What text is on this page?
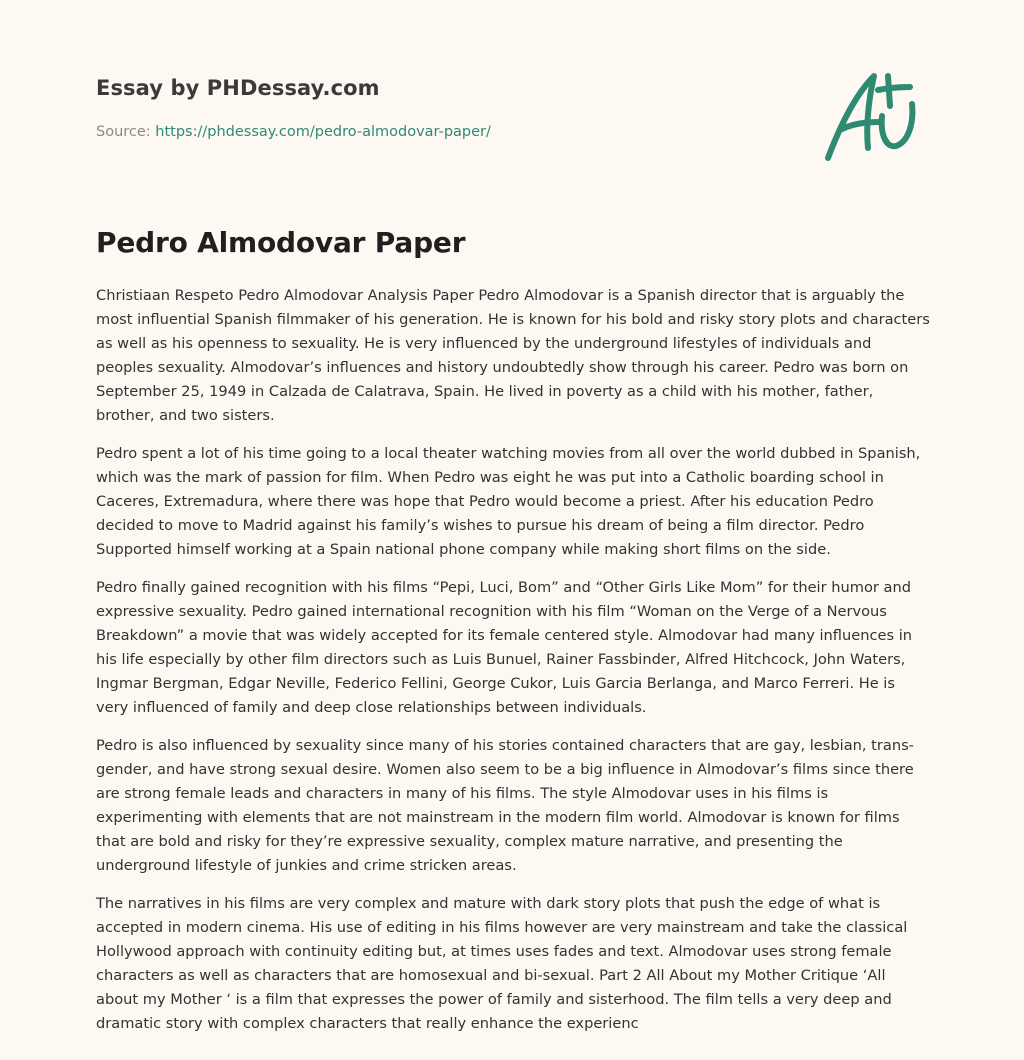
Essay by PHDessay.com
Source: https://phdessay.com/pedro-almodovar-paper/
Pedro Almodovar Paper

Christiaan Respeto Pedro Almodovar Analysis Paper Pedro Almodovar is a Spanish director that is arguably the most influential Spanish filmmaker of his generation. He is known for his bold and risky story plots and characters as well as his openness to sexuality. He is very influenced by the underground lifestyles of individuals and peoples sexuality. Almodovar’s influences and history undoubtedly show through his career. Pedro was born on September 25, 1949 in Calzada de Calatrava, Spain. He lived in poverty as a child with his mother, father, brother, and two sisters.

Pedro spent a lot of his time going to a local theater watching movies from all over the world dubbed in Spanish, which was the mark of passion for film. When Pedro was eight he was put into a Catholic boarding school in Caceres, Extremadura, where there was hope that Pedro would become a priest. After his education Pedro decided to move to Madrid against his family’s wishes to pursue his dream of being a film director. Pedro Supported himself working at a Spain national phone company while making short films on the side.

Pedro finally gained recognition with his films “Pepi, Luci, Bom” and “Other Girls Like Mom” for their humor and expressive sexuality. Pedro gained international recognition with his film “Woman on the Verge of a Nervous Breakdown” a movie that was widely accepted for its female centered style. Almodovar had many influences in his life especially by other film directors such as Luis Bunuel, Rainer Fassbinder, Alfred Hitchcock, John Waters, Ingmar Bergman, Edgar Neville, Federico Fellini, George Cukor, Luis Garcia Berlanga, and Marco Ferreri. He is very influenced of family and deep close relationships between individuals.

Pedro is also influenced by sexuality since many of his stories contained characters that are gay, lesbian, trans-gender, and have strong sexual desire. Women also seem to be a big influence in Almodovar’s films since there are strong female leads and characters in many of his films. The style Almodovar uses in his films is experimenting with elements that are not mainstream in the modern film world. Almodovar is known for films that are bold and risky for they’re expressive sexuality, complex mature narrative, and presenting the underground lifestyle of junkies and crime stricken areas.

The narratives in his films are very complex and mature with dark story plots that push the edge of what is accepted in modern cinema. His use of editing in his films however are very mainstream and take the classical Hollywood approach with continuity editing but, at times uses fades and text. Almodovar uses strong female characters as well as characters that are homosexual and bi-sexual. Part 2 All About my Mother Critique ‘All about my Mother ‘ is a film that expresses the power of family and sisterhood. The film tells a very deep and dramatic story with complex characters that really enhance the experienc
